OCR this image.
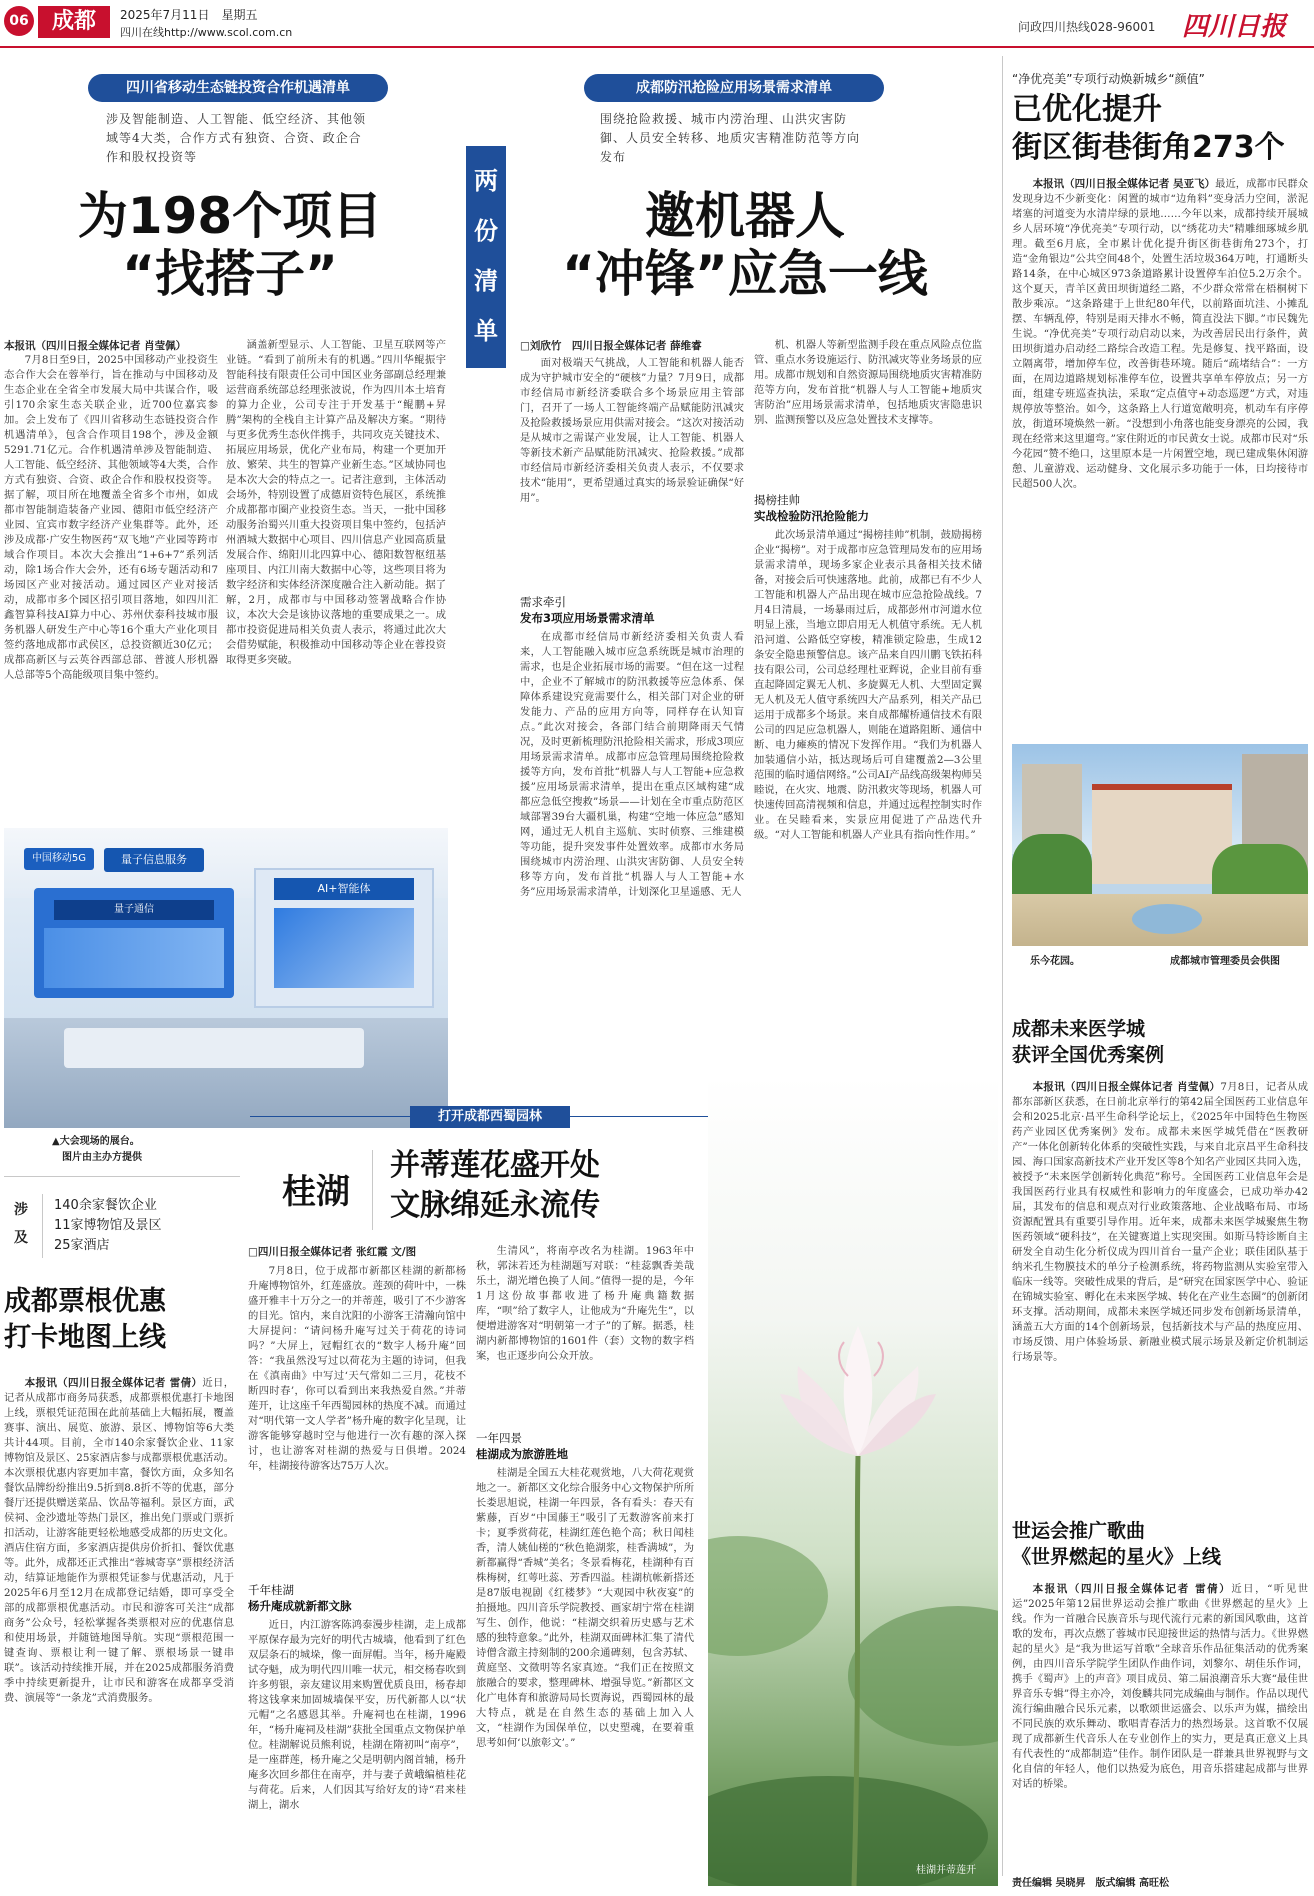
06	成都	2025年7月11日　星期五
四川在线http://www.scol.com.cn	问政四川热线028-96001 四川日报
四川省移动生态链投资合作机遇清单
涉及智能制造、人工智能、低空经济、其他领域等4大类，合作方式有独资、合资、政企合作和股权投资等
为198个项目
“找搭子”
本报讯（四川日报全媒体记者 肖莹佩）
7月8日至9日，2025中国移动产业投资生态合作大会在蓉举行，旨在推动与中国移动及生态企业在全省全市发展大局中共谋合作，吸引170余家生态关联企业，近700位嘉宾参加。会上发布了《四川省移动生态链投资合作机遇清单》，包含合作项目198个，涉及金额5291.71亿元。合作机遇清单涉及智能制造、人工智能、低空经济、其他领域等4大类，合作方式有独资、合资、政企合作和股权投资等。据了解，项目所在地覆盖全省多个市州，如成都市智能制造装备产业园、德阳市低空经济产业园、宜宾市数字经济产业集群等。此外，还涉及成都·广安生物医药“双飞地”产业园等跨市域合作项目。本次大会推出“1+6+7”系列活动，除1场合作大会外，还有6场专题活动和7场园区产业对接活动。通过园区产业对接活动，成都市多个园区招引项目落地，如四川汇鑫智算科技AI算力中心、苏州伏泰科技城市服务机器人研发生产中心等16个重大产业化项目签约落地成都市武侯区，总投资额近30亿元；成都高新区与云英谷西部总部、普渡人形机器人总部等5个高能级项目集中签约。
涵盖新型显示、人工智能、卫星互联网等产业链。“看到了前所未有的机遇。”四川华鲲振宇智能科技有限责任公司中国区业务部副总经理兼运营商系统部总经理张波说，作为四川本土培育的算力企业，公司专注于开发基于“鲲鹏+昇腾”架构的全栈自主计算产品及解决方案。“期待与更多优秀生态伙伴携手，共同攻克关键技术、拓展应用场景，优化产业布局，构建一个更加开放、繁荣、共生的智算产业新生态。”区域协同也是本次大会的特点之一。记者注意到，主体活动会场外，特别设置了成德眉资特色展区，系统推介成都都市圈产业投资生态。当天，一批中国移动服务治蜀兴川重大投资项目集中签约，包括泸州酒城大数据中心项目、四川信息产业园高质量发展合作、绵阳川北四算中心、德阳数智枢纽基座项目、内江川南大数据中心等，这些项目将为数字经济和实体经济深度融合注入新动能。据了解，2月，成都市与中国移动签署战略合作协议，本次大会是该协议落地的重要成果之一。成都市投资促进局相关负责人表示，将通过此次大会借势赋能，积极推动中国移动等企业在蓉投资取得更多突破。
中国移动5G	量子信息服务
量子通信
AI+智能体
▲大会现场的展台。
图片由主办方提供
两
份
清
单
成都防汛抢险应用场景需求清单
围绕抢险救援、城市内涝治理、山洪灾害防御、人员安全转移、地质灾害精准防范等方向发布
邀机器人
“冲锋”应急一线
□刘欣竹　四川日报全媒体记者 薛维睿
面对极端天气挑战，人工智能和机器人能否成为守护城市安全的“硬核”力量？7月9日，成都市经信局市新经济委联合多个场景应用主管部门，召开了一场人工智能终端产品赋能防汛减灾及抢险救援场景应用供需对接会。“这次对接活动是从城市之需谋产业发展，让人工智能、机器人等新技术新产品赋能防汛减灾、抢险救援。”成都市经信局市新经济委相关负责人表示，不仅要求技术“能用”，更希望通过真实的场景验证确保“好用”。
需求牵引
发布3项应用场景需求清单
在成都市经信局市新经济委相关负责人看来，人工智能融入城市应急系统既是城市治理的需求，也是企业拓展市场的需要。“但在这一过程中，企业不了解城市的防汛救援等应急体系、保障体系建设究竟需要什么，相关部门对企业的研发能力、产品的应用方向等，同样存在认知盲点。”此次对接会，各部门结合前期降雨天气情况，及时更新梳理防汛抢险相关需求，形成3项应用场景需求清单。成都市应急管理局围绕抢险救援等方向，发布首批“机器人与人工智能+应急救援”应用场景需求清单，提出在重点区域构建“成都应急低空搜救”场景——计划在全市重点防范区域部署39台大疆机巢，构建“空地一体应急”感知网，通过无人机自主巡航、实时侦察、三维建模等功能，提升突发事件处置效率。成都市水务局围绕城市内涝治理、山洪灾害防御、人员安全转移等方向，发布首批“机器人与人工智能+水务”应用场景需求清单，计划深化卫星遥感、无人
机、机器人等新型监测手段在重点风险点位监管、重点水务设施运行、防汛减灾等业务场景的应用。成都市规划和自然资源局围绕地质灾害精准防范等方向，发布首批“机器人与人工智能+地质灾害防治”应用场景需求清单，包括地质灾害隐患识别、监测预警以及应急处置技术支撑等。
揭榜挂帅
实战检验防汛抢险能力
此次场景清单通过“揭榜挂帅”机制，鼓励揭榜企业“揭榜”。对于成都市应急管理局发布的应用场景需求清单，现场多家企业表示具备相关技术储备，对接会后可快速落地。此前，成都已有不少人工智能和机器人产品出现在城市应急抢险战线。7月4日清晨，一场暴雨过后，成都彭州市河道水位明显上涨，当地立即启用无人机值守系统。无人机沿河道、公路低空穿梭，精准锁定险患，生成12条安全隐患预警信息。该产品来自四川鹏飞铁拓科技有限公司，公司总经理杜亚辉说，企业目前有垂直起降固定翼无人机、多旋翼无人机、大型固定翼无人机及无人值守系统四大产品系列，相关产品已运用于成都多个场景。来自成都耀桥通信技术有限公司的四足应急机器人，则能在道路阻断、通信中断、电力瘫痪的情况下发挥作用。“我们为机器人加装通信小站，抵达现场后可自建覆盖2—3公里范围的临时通信网络。”公司AI产品线高级架构师吴睦说，在火灾、地震、防汛救灾等现场，机器人可快速传回高清视频和信息，并通过远程控制实时作业。在吴睦看来，实景应用促进了产品迭代升级。“对人工智能和机器人产业具有指向性作用。”
“净优亮美”专项行动焕新城乡“颜值”
已优化提升
街区街巷街角273个
本报讯（四川日报全媒体记者 吴亚飞）最近，成都市民群众发现身边不少新变化：闲置的城市“边角料”变身活力空间，淤泥堵塞的河道变为水清岸绿的景地……今年以来，成都持续开展城乡人居环境“净优亮美”专项行动，以“绣花功夫”精雕细琢城乡肌理。截至6月底，全市累计优化提升街区街巷街角273个，打造“金角银边”公共空间48个，处置生活垃圾364万吨，打通断头路14条，在中心城区973条道路累计设置停车泊位5.2万余个。这个夏天，青羊区黄田坝街道经二路，不少群众常常在梧桐树下散步乘凉。“这条路建于上世纪80年代，以前路面坑洼、小摊乱摆、车辆乱停，特别是雨天排水不畅，简直没法下脚。”市民魏先生说。“净优亮美”专项行动启动以来，为改善居民出行条件，黄田坝街道办启动经二路综合改造工程。先是修复、找平路面，设立隔离带，增加停车位，改善街巷环境。随后“疏堵结合”：一方面，在周边道路规划标准停车位，设置共享单车停放点；另一方面，组建专班巡查执法，采取“定点值守+动态巡逻”方式，对违规停放等整治。如今，这条路上人行道宽敞明亮，机动车有序停放，街道环境焕然一新。“没想到小角落也能变身漂亮的公园，我现在经常来这里遛弯。”家住附近的市民黄女士说。成都市民对“乐今花园”赞不绝口，这里原本是一片闲置空地，现已建成集休闲游憩、儿童游戏、运动健身、文化展示多功能于一体，日均接待市民超500人次。
乐今花园。	成都城市管理委员会供图
成都未来医学城
获评全国优秀案例
本报讯（四川日报全媒体记者 肖莹佩）7月8日，记者从成都东部新区获悉，在日前北京举行的第42届全国医药工业信息年会和2025北京·昌平生命科学论坛上，《2025年中国特色生物医药产业园区优秀案例》发布。成都未来医学城凭借在“医教研产”一体化创新转化体系的突破性实践，与来自北京昌平生命科技园、海口国家高新技术产业开发区等8个知名产业园区共同入选，被授予“未来医学创新转化典范”称号。全国医药工业信息年会是我国医药行业具有权威性和影响力的年度盛会，已成功举办42届，其发布的信息和观点对行业政策落地、企业战略布局、市场资源配置具有重要引导作用。近年来，成都未来医学城聚焦生物医药领域“硬科技”，在关键赛道上实现突围。如斯马特诊断自主研发全自动生化分析仪成为四川首台一量产企业；联佳团队基于纳米孔生物膜技术的单分子检测系统，将药物监测从实验室带入临床一线等。突破性成果的背后，是“研究在国家医学中心、验证在锦城实验室、孵化在未来医学城、转化在产业生态圈”的创新闭环支撑。活动期间，成都未来医学城还同步发布创新场景清单，涵盖五大方面的14个创新场景，包括新技术与产品的热度应用、市场反馈、用户体验场景、新融业模式展示场景及新定价机制运行场景等。
世运会推广歌曲
《世界燃起的星火》上线
本报讯（四川日报全媒体记者 雷倩）近日，“听见世运”2025年第12届世界运动会推广歌曲《世界燃起的星火》上线。作为一首融合民族音乐与现代流行元素的新国风歌曲，这首歌的发布，再次点燃了蓉城市民迎接世运的热情与活力。《世界燃起的星火》是“我为世运写首歌”全球音乐作品征集活动的优秀案例，由四川音乐学院学生团队作曲作词，刘黎尔、胡佳乐作词，携手《蜀声》上的声音》项目成员、第二届浪潮音乐大赛“最佳世界音乐专辑”得主亦冷，刘俊麟共同完成编曲与制作。作品以现代流行编曲融合民乐元素，以歌颂世运盛会、以乐声为媒，描绘出不同民族的欢乐舞动、歌唱青春活力的热烈场景。这首歌不仅展现了成都新生代音乐人在专业创作上的实力，更是真正意义上具有代表性的“成都制造”佳作。制作团队是一群兼具世界视野与文化自信的年轻人，他们以热爱为底色，用音乐搭建起成都与世界对话的桥梁。
涉及
140余家餐饮企业
11家博物馆及景区
25家酒店
成都票根优惠
打卡地图上线
本报讯（四川日报全媒体记者 雷倩）近日，记者从成都市商务局获悉，成都票根优惠打卡地图上线，票根凭证范围在此前基础上大幅拓展，覆盖赛事、演出、展览、旅游、景区、博物馆等6大类共计44项。目前，全市140余家餐饮企业、11家博物馆及景区、25家酒店参与成都票根优惠活动。本次票根优惠内容更加丰富，餐饮方面，众多知名餐饮品牌纷纷推出9.5折到8.8折不等的优惠，部分餐厅还提供赠送菜品、饮品等福利。景区方面，武侯祠、金沙遗址等热门景区，推出免门票或门票折扣活动，让游客能更轻松地感受成都的历史文化。酒店住宿方面，多家酒店提供房价折扣、餐饮优惠等。此外，成都还正式推出“蓉城寄享”票根经济活动，结算证地能作为票根凭证参与优惠活动，凡于2025年6月至12月在成都登记结婚，即可享受全部的成都票根优惠活动。市民和游客可关注“成都商务”公众号，轻松掌握各类票根对应的优惠信息和使用场景，并随链地图导航。实现“票根范围一键查询、票根让利一键了解、票根场景一键串联”。该活动持续推开展，并在2025成都服务消费季中持续更新提升，让市民和游客在成都享受消费、演展等“一条龙”式消费服务。
打开成都西蜀园林
桂湖
并蒂莲花盛开处
文脉绵延永流传
□四川日报全媒体记者 张红霞 文/图
7月8日，位于成都市新都区桂湖的新都杨升庵博物馆外，红莲盛放。莲颈的荷叶中，一株盛开雅丰十万分之一的并蒂莲，吸引了不少游客的目光。馆内，来自沈阳的小游客王清瀚向馆中大屏提问：“请问杨升庵写过关于荷花的诗词吗？”大屏上，冠帽红衣的“数字人杨升庵”回答：“我虽然没写过以荷花为主题的诗词，但我在《滇南曲》中写过‘天气常如二三月，花枝不断四时春’，你可以看到出来我热爱自然。”并蒂莲开，让这座千年西蜀园林的热度不减。而通过对“明代第一文人学者”杨升庵的数字化呈现，让游客能够穿越时空与他进行一次有趣的深入探讨，也让游客对桂湖的热爱与日俱增。2024年，桂湖接待游客达75万人次。
千年桂湖
杨升庵成就新都文脉
近日，内江游客陈鸿泰漫步桂湖，走上成都平原保存最为完好的明代古城墙，他看到了红色双层条石的城垛，像一面屏帽。当年，杨升庵殿试夺魁，成为明代四川唯一状元，相交杨春吹到许多剪银，亲友建议用来购置优质良田，杨春却将这钱拿来加固城墙保平安，历代新都人以“状元帽”之名感恩其举。升庵祠也在桂湖，1996年，“杨升庵祠及桂湖”获批全国重点文物保护单位。桂湖解说员熊利说，桂湖在隋初叫“南亭”，是一座群莲，杨升庵之父是明朝内阁首辅，杨升庵多次回乡都住在南亭，并与妻子黄峨编植桂花与荷花。后来，人们因其写给好友的诗“君来桂湖上，湖水
生清风”，将南亭改名为桂湖。1963年中秋，郭沫若还为桂湖题写对联：“桂蕊飘香美哉乐土，湖光增色换了人间。”值得一提的是，今年1月这份故事都收进了杨升庵典籍数据库，“呗”给了数字人，让他成为“升庵先生”，以便增进游客对“明朝第一才子”的了解。据悉，桂湖内新都博物馆的1601件（套）文物的数字档案，也正逐步向公众开放。
一年四景
桂湖成为旅游胜地
桂湖是全国五大桂花观赏地，八大荷花观赏地之一。新都区文化综合服务中心文物保护所所长娄思旭说，桂湖一年四景，各有看头：春天有紫藤，百岁“中国藤王”吸引了无数游客前来打卡；夏季赏荷花，桂湖红莲色艳个高；秋日闻桂香，清人姚仙槎的“秋色艳湖浆，桂香满城”，为新都赢得“香城”美名；冬景看梅花，桂湖种有百株梅树，红萼吐蕊、芳香四溢。桂湖杭帐新搭还是87版电视剧《红楼梦》“大观园中秋夜宴”的拍摄地。四川音乐学院教授、画家胡宁常在桂湖写生、创作，他说：“桂湖交织着历史感与艺术感的独特意象。”此外，桂湖双面碑林汇集了清代诗僧含澈主持刻制的200余通碑刻，包含苏轼、黄庭坚、文徵明等名家真迹。“我们正在按照文旅融合的要求，整理碑林、增强导览。”新都区文化广电体育和旅游局局长贾海说，西蜀园林的最大特点，就是在自然生态的基础上加入人文，“桂湖作为国保单位，以史塑魂，在要着重思考如何‘以旅彰文’。”
桂湖并蒂莲开
责任编辑 吴晓昇　版式编辑 高旺松
